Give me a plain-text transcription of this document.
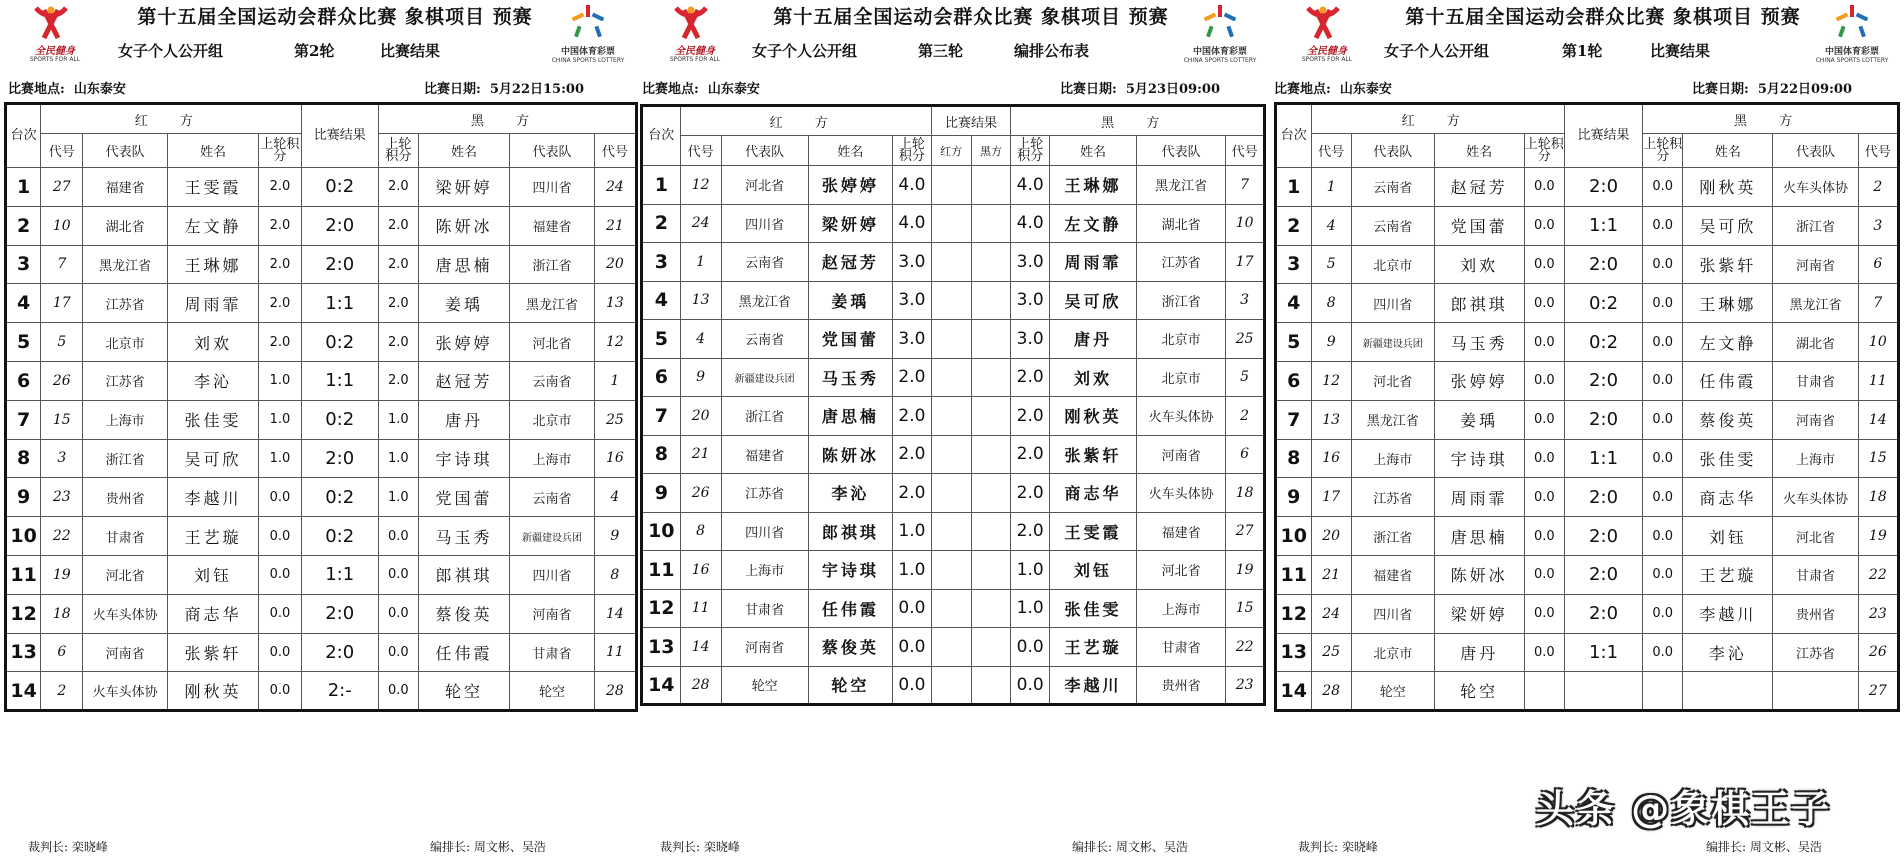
全民健身
SPORTS FOR ALL
第十五届全国运动会群众比赛 象棋项目 预赛
女子个人公开组	第2轮	比赛结果	中国体育彩票
CHINA SPORTS LOTTERY
比赛地点: 山东泰安	比赛日期: 5月22日15:00
台次	红 方				比赛结果	黑 方			
	代号	代表队	姓名	上轮积分		上轮积分	姓名	代表队	代号
1	27	福建省	王雯霞	2.0	0:2	2.0	梁妍婷	四川省	24
2	10	湖北省	左文静	2.0	2:0	2.0	陈妍冰	福建省	21
3	7	黑龙江省	王琳娜	2.0	2:0	2.0	唐思楠	浙江省	20
4	17	江苏省	周雨霏	2.0	1:1	2.0	姜瑀	黑龙江省	13
5	5	北京市	刘欢	2.0	0:2	2.0	张婷婷	河北省	12
6	26	江苏省	李沁	1.0	1:1	2.0	赵冠芳	云南省	1
7	15	上海市	张佳雯	1.0	0:2	1.0	唐丹	北京市	25
8	3	浙江省	吴可欣	1.0	2:0	1.0	宇诗琪	上海市	16
9	23	贵州省	李越川	0.0	0:2	1.0	党国蕾	云南省	4
10	22	甘肃省	王艺璇	0.0	0:2	0.0	马玉秀	新疆建设兵团	9
11	19	河北省	刘钰	0.0	1:1	0.0	郎祺琪	四川省	8
12	18	火车头体协	商志华	0.0	2:0	0.0	蔡俊英	河南省	14
13	6	河南省	张紫轩	0.0	2:0	0.0	任伟霞	甘肃省	11
14	2	火车头体协	刚秋英	0.0	2:-	0.0	轮空	轮空	28
裁判长: 栾晓峰	编排长: 周文彬、吴浩
全民健身
SPORTS FOR ALL
第十五届全国运动会群众比赛 象棋项目 预赛
女子个人公开组	第三轮	编排公布表	中国体育彩票
CHINA SPORTS LOTTERY
比赛地点: 山东泰安	比赛日期: 5月23日09:00
台次	红 方				比赛结果		黑 方			
	代号	代表队	姓名	上轮积分	红方	黑方	上轮积分	姓名	代表队	代号
1	12	河北省	张婷婷	4.0			4.0	王琳娜	黑龙江省	7
2	24	四川省	梁妍婷	4.0			4.0	左文静	湖北省	10
3	1	云南省	赵冠芳	3.0			3.0	周雨霏	江苏省	17
4	13	黑龙江省	姜瑀	3.0			3.0	吴可欣	浙江省	3
5	4	云南省	党国蕾	3.0			3.0	唐丹	北京市	25
6	9	新疆建设兵团	马玉秀	2.0			2.0	刘欢	北京市	5
7	20	浙江省	唐思楠	2.0			2.0	刚秋英	火车头体协	2
8	21	福建省	陈妍冰	2.0			2.0	张紫轩	河南省	6
9	26	江苏省	李沁	2.0			2.0	商志华	火车头体协	18
10	8	四川省	郎祺琪	1.0			2.0	王雯霞	福建省	27
11	16	上海市	宇诗琪	1.0			1.0	刘钰	河北省	19
12	11	甘肃省	任伟霞	0.0			1.0	张佳雯	上海市	15
13	14	河南省	蔡俊英	0.0			0.0	王艺璇	甘肃省	22
14	28	轮空	轮空	0.0			0.0	李越川	贵州省	23
裁判长: 栾晓峰	编排长: 周文彬、吴浩
全民健身
SPORTS FOR ALL
第十五届全国运动会群众比赛 象棋项目 预赛
女子个人公开组	第1轮	比赛结果	中国体育彩票
CHINA SPORTS LOTTERY
比赛地点: 山东泰安	比赛日期: 5月22日09:00
台次	红 方				比赛结果	黑 方			
	代号	代表队	姓名	上轮积分		上轮积分	姓名	代表队	代号
1	1	云南省	赵冠芳	0.0	2:0	0.0	刚秋英	火车头体协	2
2	4	云南省	党国蕾	0.0	1:1	0.0	吴可欣	浙江省	3
3	5	北京市	刘欢	0.0	2:0	0.0	张紫轩	河南省	6
4	8	四川省	郎祺琪	0.0	0:2	0.0	王琳娜	黑龙江省	7
5	9	新疆建设兵团	马玉秀	0.0	0:2	0.0	左文静	湖北省	10
6	12	河北省	张婷婷	0.0	2:0	0.0	任伟霞	甘肃省	11
7	13	黑龙江省	姜瑀	0.0	2:0	0.0	蔡俊英	河南省	14
8	16	上海市	宇诗琪	0.0	1:1	0.0	张佳雯	上海市	15
9	17	江苏省	周雨霏	0.0	2:0	0.0	商志华	火车头体协	18
10	20	浙江省	唐思楠	0.0	2:0	0.0	刘钰	河北省	19
11	21	福建省	陈妍冰	0.0	2:0	0.0	王艺璇	甘肃省	22
12	24	四川省	梁妍婷	0.0	2:0	0.0	李越川	贵州省	23
13	25	北京市	唐丹	0.0	1:1	0.0	李沁	江苏省	26
14	28	轮空	轮空						27
裁判长: 栾晓峰	编排长: 周文彬、吴浩
头条 @象棋王子
